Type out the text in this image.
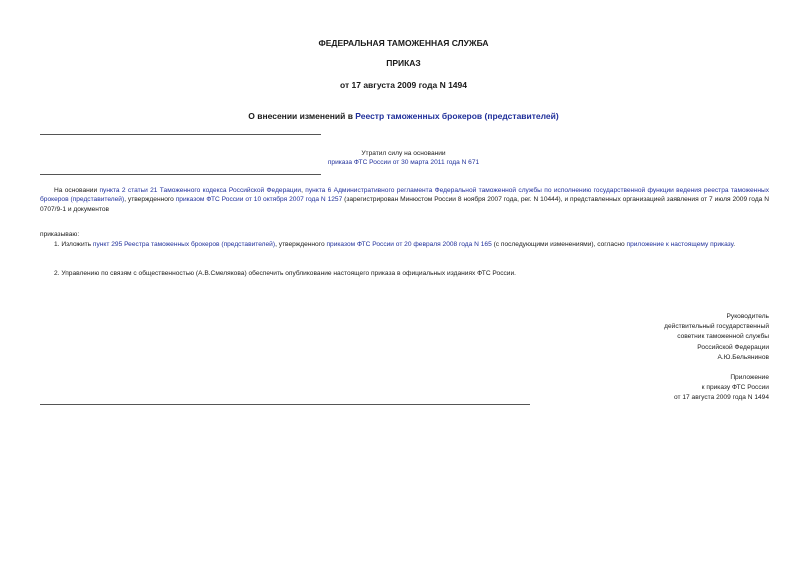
ФЕДЕРАЛЬНАЯ ТАМОЖЕННАЯ СЛУЖБА
ПРИКАЗ
от 17 августа 2009 года N 1494
О внесении изменений в Реестр таможенных брокеров (представителей)
Утратил силу на основании
приказа ФТС России от 30 марта 2011 года N 671
На основании пункта 2 статьи 21 Таможенного кодекса Российской Федерации, пункта 6 Административного регламента Федеральной таможенной службы по исполнению государственной функции ведения реестра таможенных брокеров (представителей), утвержденного приказом ФТС России от 10 октября 2007 года N 1257 (зарегистрирован Минюстом России 8 ноября 2007 года, рег. N 10444), и представленных организацией заявления от 7 июля 2009 года N 0707/9-1 и документов
приказываю:
1. Изложить пункт 295 Реестра таможенных брокеров (представителей), утвержденного приказом ФТС России от 20 февраля 2008 года N 165 (с последующими изменениями), согласно приложение к настоящему приказу.
2. Управлению по связям с общественностью (А.В.Смелякова) обеспечить опубликование настоящего приказа в официальных изданиях ФТС России.
Руководитель
действительный государственный
советник таможенной службы
Российской Федерации
А.Ю.Бельянинов
Приложение
к приказу ФТС России
от 17 августа 2009 года N 1494
